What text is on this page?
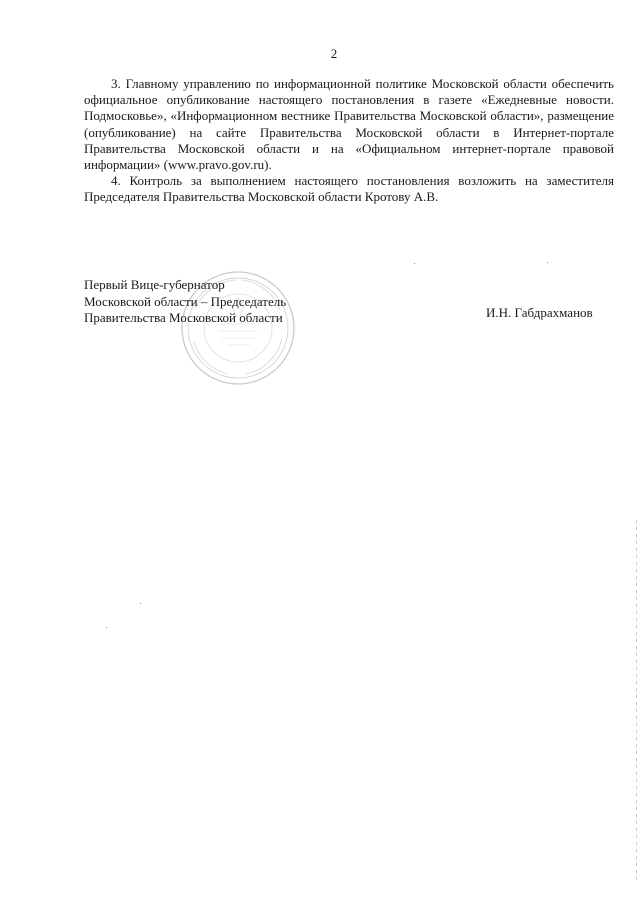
2

3. Главному управлению по информационной политике Московской области обеспечить официальное опубликование настоящего постановления в газете «Ежедневные новости. Подмосковье», «Информационном вестнике Правительства Московской области», размещение (опубликование) на сайте Правительства Московской области в Интернет-портале Правительства Московской области и на «Официальном интернет-портале правовой информации» (www.pravo.gov.ru).

4. Контроль за выполнением настоящего постановления возложить на заместителя Председателя Правительства Московской области Кротову А.В.

Первый Вице-губернатор
Московской области – Председатель
Правительства Московской области	И.Н. Габдрахманов
